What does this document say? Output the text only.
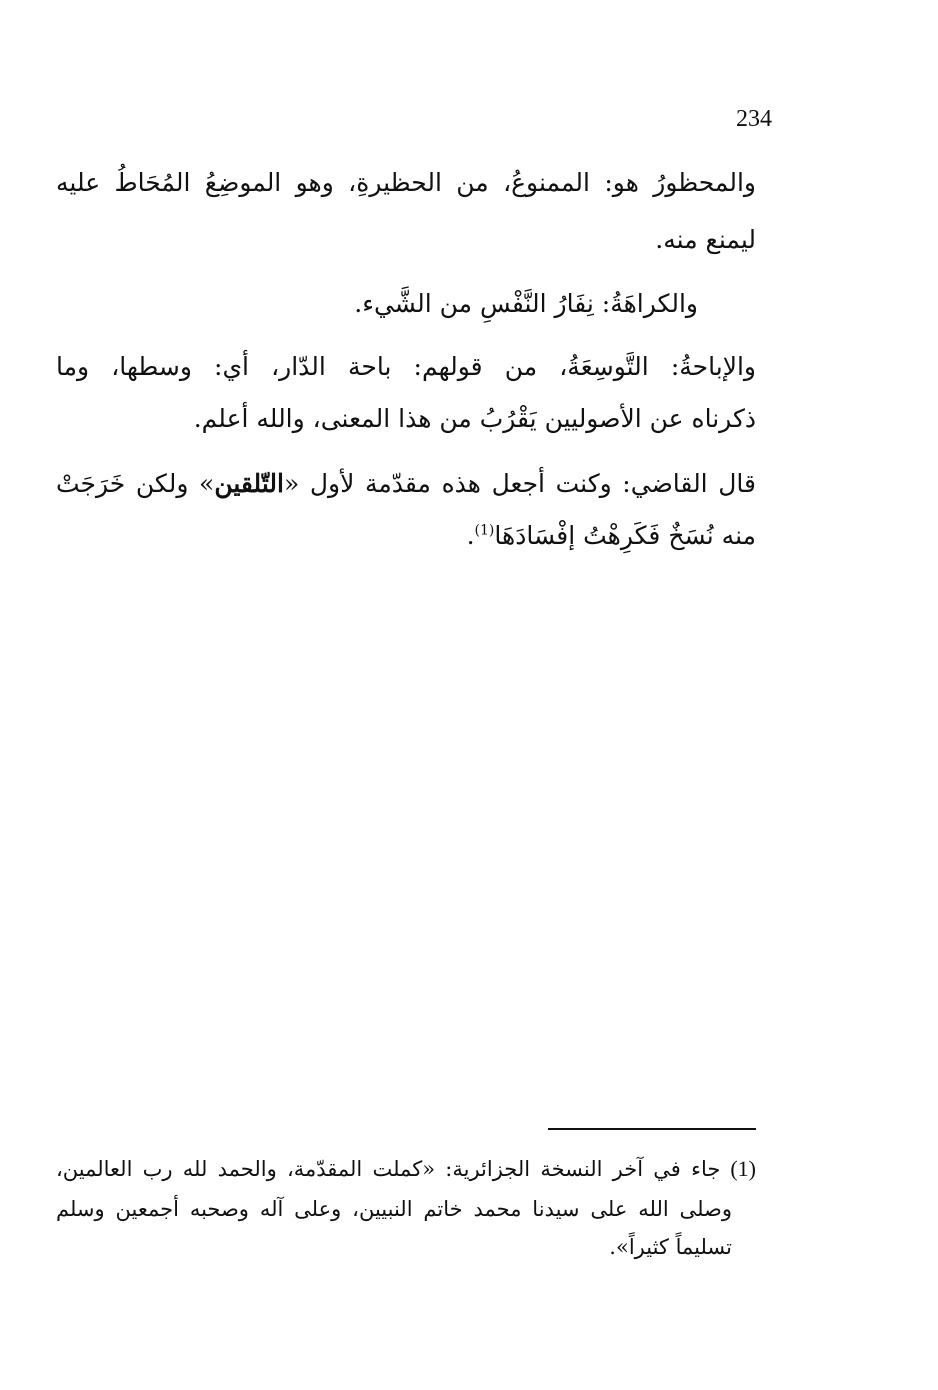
234
والمحظورُ هو: الممنوعُ، من الحظيرةِ، وهو الموضِعُ المُحَاطُ عليه
ليمنع منه.
والكراهَةُ: نِفَارُ النَّفْسِ من الشَّيء.
والإباحةُ: التَّوسِعَةُ، من قولهم: باحة الدّار، أي: وسطها، وما
ذكرناه عن الأصوليين يَقْرُبُ من هذا المعنى، والله أعلم.
قال القاضي: وكنت أجعل هذه مقدّمة لأول «التّلقين» ولكن خَرَجَتْ
منه نُسَخٌ فَكَرِهْتُ إفْسَادَهَا$^{(1)}$.
(1)جاء في آخر النسخة الجزائرية: «كملت المقدّمة، والحمد لله رب العالمين،
وصلى الله على سيدنا محمد خاتم النبيين، وعلى آله وصحبه أجمعين وسلم
تسليماً كثيراً».
